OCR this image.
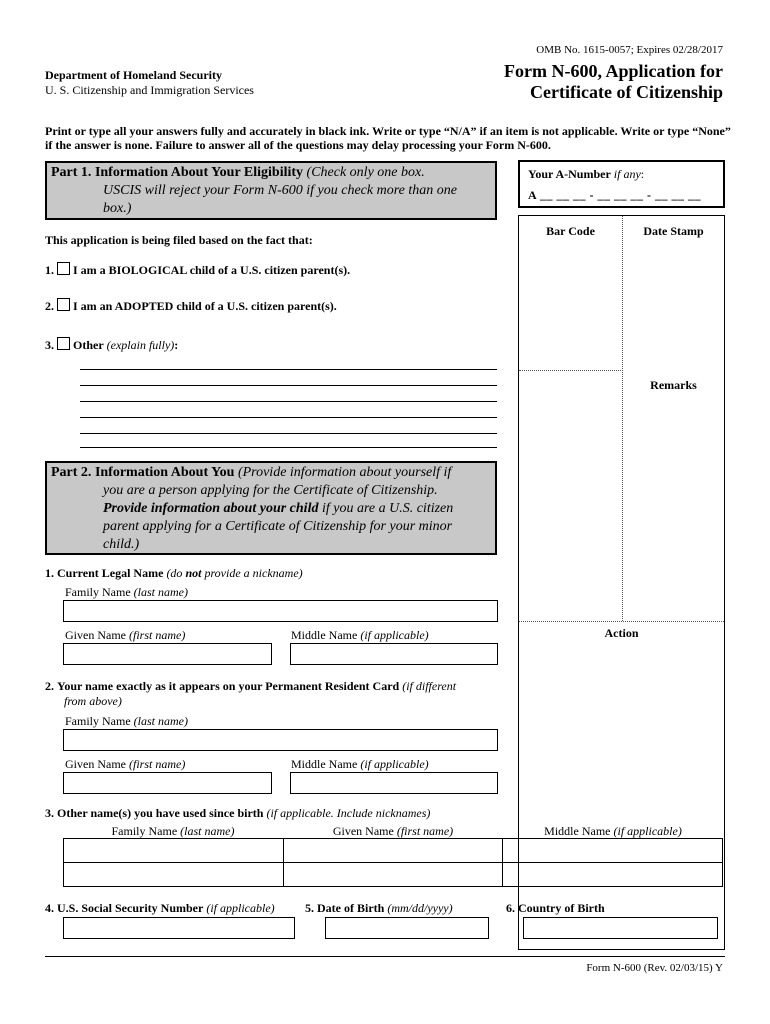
OMB No. 1615-0057; Expires 02/28/2017
Department of Homeland Security
U. S. Citizenship and Immigration Services
Form N-600, Application for
Certificate of Citizenship
Print or type all your answers fully and accurately in black ink. Write or type “N/A” if an item is not applicable. Write or type “None” if the answer is none. Failure to answer all of the questions may delay processing your Form N-600.
Part 1. Information About Your Eligibility (Check only one box.
USCIS will reject your Form N-600 if you check more than one
box.)
Your A-Number if any:
A __ __ __ - __ __ __ - __ __ __
Bar Code	Date Stamp
Remarks
Action
This application is being filed based on the fact that:
1. I am a BIOLOGICAL child of a U.S. citizen parent(s).
2. I am an ADOPTED child of a U.S. citizen parent(s).
3. Other (explain fully):
Part 2. Information About You (Provide information about yourself if
you are a person applying for the Certificate of Citizenship.
Provide information about your child if you are a U.S. citizen
parent applying for a Certificate of Citizenship for your minor
child.)
1. Current Legal Name (do not provide a nickname)
Family Name (last name)
Given Name (first name)	Middle Name (if applicable)
2. Your name exactly as it appears on your Permanent Resident Card (if different
from above)
Family Name (last name)
Given Name (first name)	Middle Name (if applicable)
3. Other name(s) you have used since birth (if applicable. Include nicknames)
Family Name (last name)	Given Name (first name)	Middle Name (if applicable)

4. U.S. Social Security Number (if applicable)	5. Date of Birth (mm/dd/yyyy)	6. Country of Birth
Form N-600 (Rev. 02/03/15) Y
